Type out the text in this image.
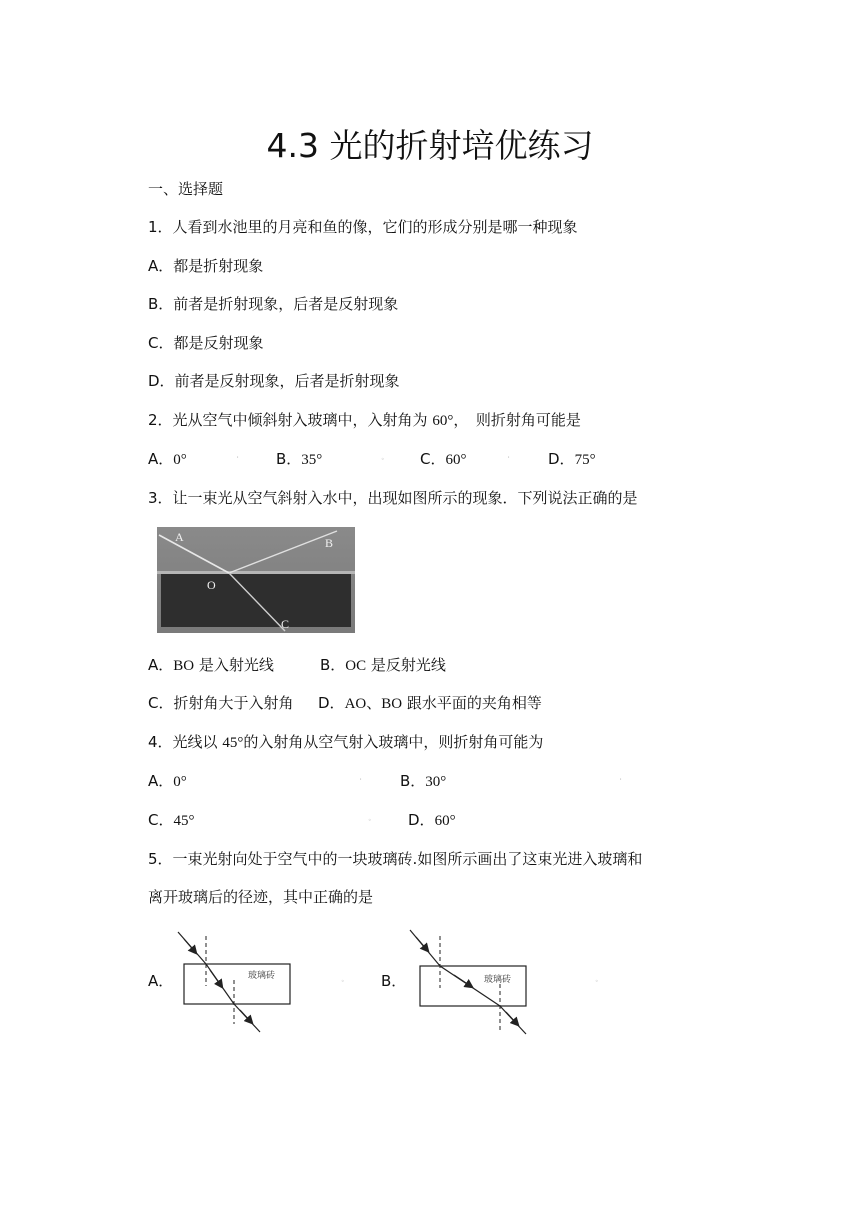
4.3 光的折射培优练习
一、选择题
1．人看到水池里的月亮和鱼的像，它们的形成分别是哪一种现象
A．都是折射现象
B．前者是折射现象，后者是反射现象
C．都是反射现象
D．前者是反射现象，后者是折射现象
2．光从空气中倾斜射入玻璃中，入射角为 60°，　则折射角可能是
A．0°	ˈ B．35°	◦ C．60°	ˈ	D．75°
3．让一束光从空气斜射入水中，出现如图所示的现象．下列说法正确的是
A	B
O
C
A．BO 是入射光线	B．OC 是反射光线
C．折射角大于入射角 D．AO、BO 跟水平面的夹角相等
4．光线以 45°的入射角从空气射入玻璃中，则折射角可能为
A．0°	ˈ	B．30°	ˈ
C．45°	◦ D．60°
5．一束光射向处于空气中的一块玻璃砖.如图所示画出了这束光进入玻璃和
离开玻璃后的径迹，其中正确的是
A．	玻璃砖
◦ B．	玻璃砖	◦
